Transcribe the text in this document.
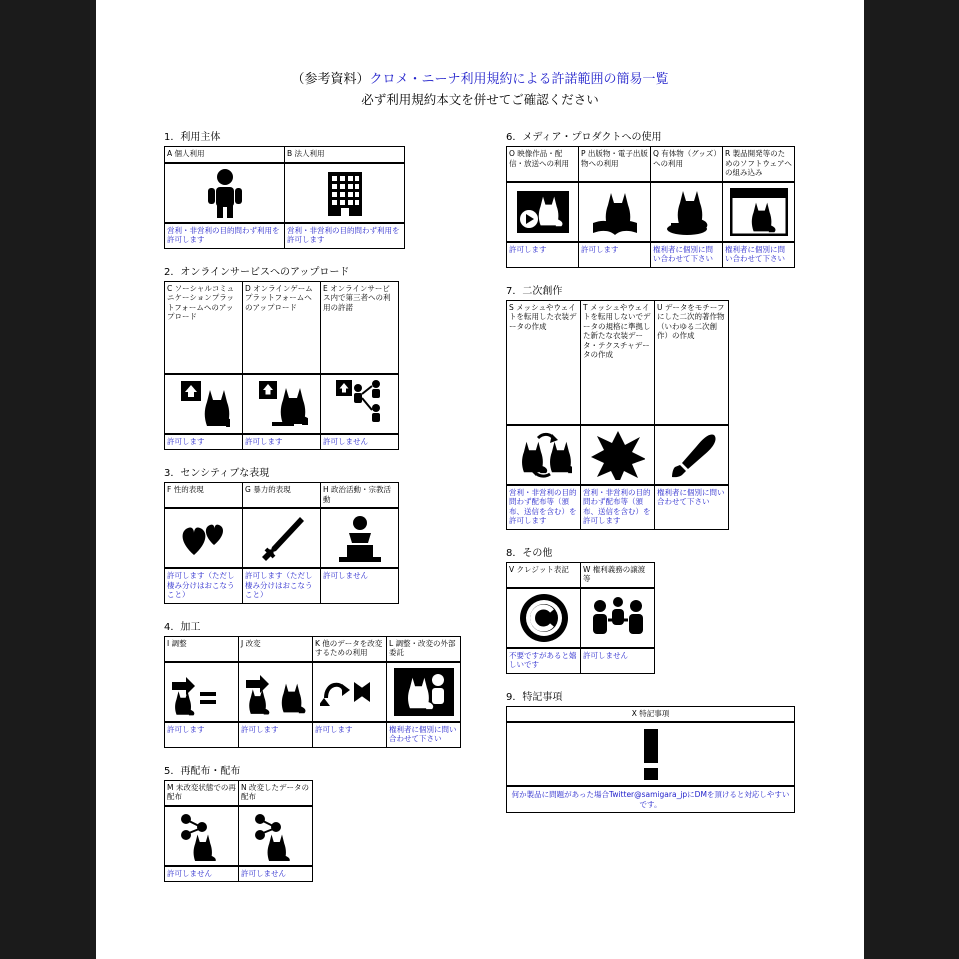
（参考資料）クロメ・ニーナ利用規約による許諾範囲の簡易一覧
必ず利用規約本文を併せてご確認ください
1．利用主体
A 個人利用	B 法人利用

営利・非営利の目的問わず利用を許可します	営利・非営利の目的問わず利用を許可します
2．オンラインサービスへのアップロード
C ソーシャルコミュニケーションプラットフォームへのアップロード	D オンラインゲームプラットフォームへのアップロード	E オンラインサービス内で第三者への利用の許諾

許可します	許可します	許可しません
3．センシティブな表現
F 性的表現	G 暴力的表現	H 政治活動・宗教活動

許可します（ただし棲み分けはおこなうこと）	許可します（ただし棲み分けはおこなうこと）	許可しません
4．加工
I 調整	J 改変	K 他のデータを改変するための利用	L 調整・改変の外部委託

許可します	許可します	許可します	権利者に個別に問い合わせて下さい
5．再配布・配布
M 未改変状態での再配布	N 改変したデータの配布

許可しません	許可しません
6．メディア・プロダクトへの使用
O 映像作品・配信・放送への利用	P 出版物・電子出版物への利用	Q 有体物（グッズ）への利用	R 製品開発等のためのソフトウェアへの組み込み

許可します	許可します	権利者に個別に問い合わせて下さい	権利者に個別に問い合わせて下さい
7．二次創作
S メッシュやウェイトを転用した衣装データの作成	T メッシュやウェイトを転用しないでデータの規格に準拠した新たな衣装データ・テクスチャデータの作成	U データをモチーフにした二次的著作物（いわゆる二次創作）の作成

営利・非営利の目的問わず配布等（頒布、送信を含む）を許可します	営利・非営利の目的問わず配布等（頒布、送信を含む）を許可します	権利者に個別に問い合わせて下さい
8．その他
V クレジット表記	W 権利義務の譲渡等

不要ですがあると嬉しいです	許可しません
9．特記事項
X 特記事項

何か製品に問題があった場合Twitter@samigara_jpにDMを頂けると対応しやすいです。
